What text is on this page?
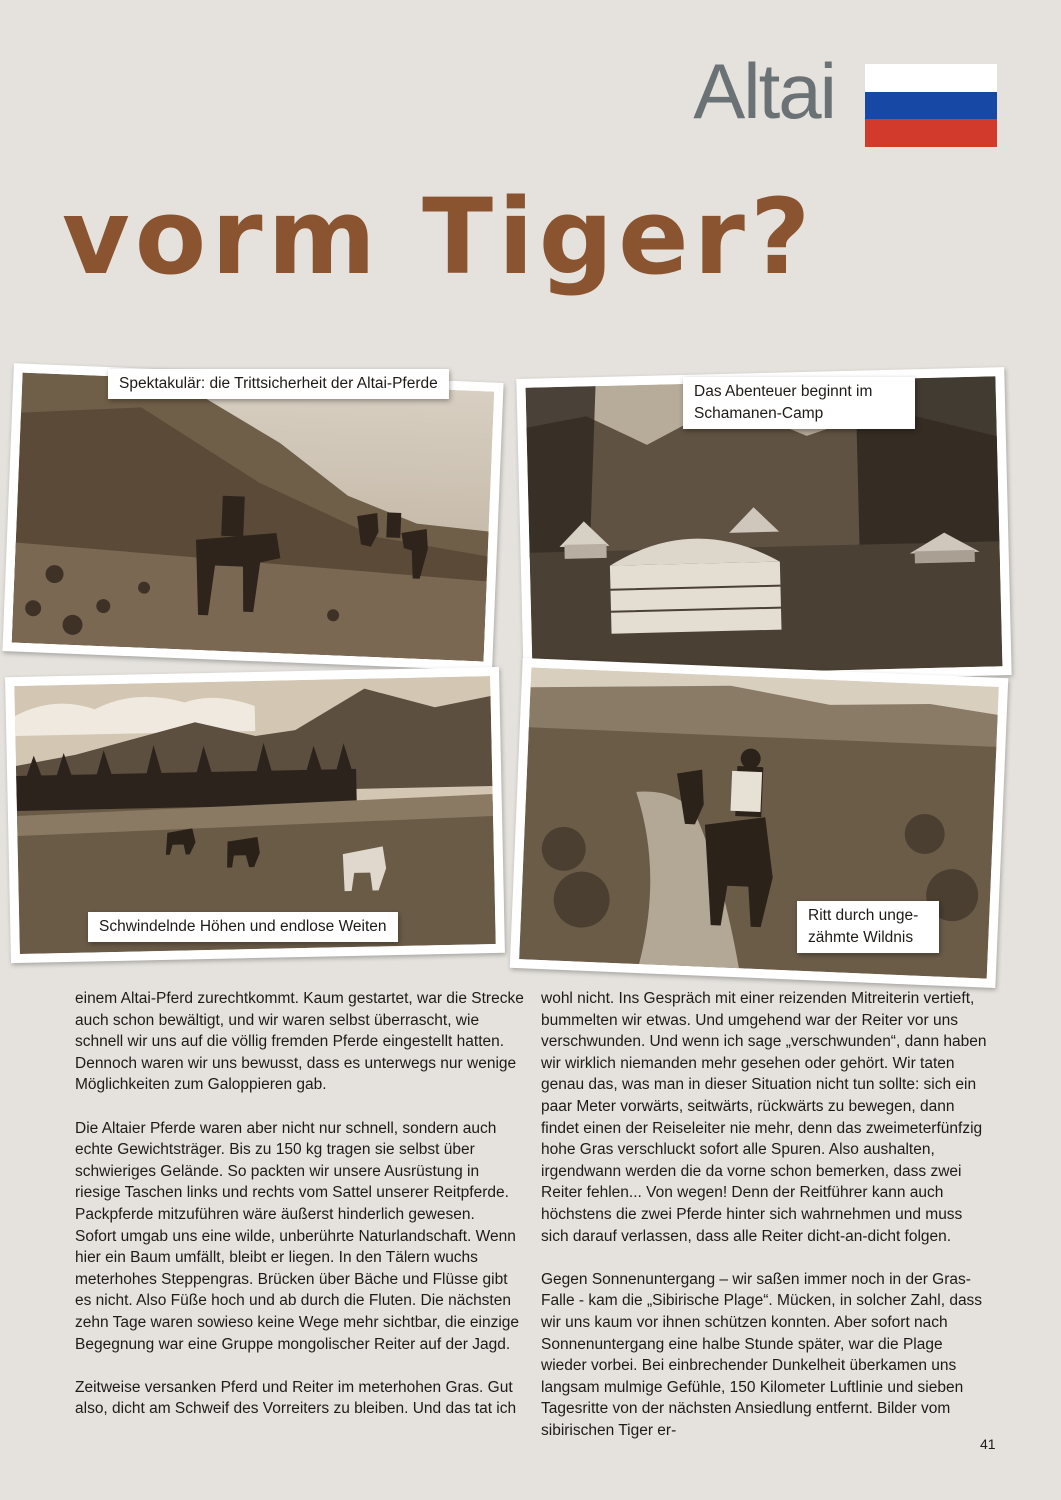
Altai
vorm Tiger?
Spektakulär: die Trittsicherheit der Altai-Pferde	Das Abenteuer beginnt im
Schamanen-Camp
Schwindelnde Höhen und endlose Weiten
Ritt durch unge-
zähmte Wildnis

einem Altai-Pferd zurechtkommt. Kaum gestartet, war die Strecke auch schon bewältigt, und wir waren selbst überrascht, wie schnell wir uns auf die völlig fremden Pferde eingestellt hatten. Dennoch waren wir uns bewusst, dass es unterwegs nur wenige Möglichkeiten zum Galoppieren gab.

Die Altaier Pferde waren aber nicht nur schnell, sondern auch echte Gewichtsträger. Bis zu 150 kg tragen sie selbst über schwieriges Gelände. So packten wir unsere Ausrüstung in riesige Taschen links und rechts vom Sattel unserer Reitpferde. Packpferde mitzuführen wäre äußerst hinderlich gewesen.

Sofort umgab uns eine wilde, unberührte Naturlandschaft. Wenn hier ein Baum umfällt, bleibt er liegen. In den Tälern wuchs meterhohes Steppengras. Brücken über Bäche und Flüsse gibt es nicht. Also Füße hoch und ab durch die Fluten. Die nächsten zehn Tage waren sowieso keine Wege mehr sichtbar, die einzige Begegnung war eine Gruppe mongolischer Reiter auf der Jagd.

Zeitweise versanken Pferd und Reiter im meterhohen Gras. Gut also, dicht am Schweif des Vorreiters zu bleiben. Und das tat ich

wohl nicht. Ins Gespräch mit einer reizenden Mitreiterin vertieft, bummelten wir etwas. Und umgehend war der Reiter vor uns verschwunden. Und wenn ich sage „verschwunden“, dann haben wir wirklich niemanden mehr gesehen oder gehört. Wir taten genau das, was man in dieser Situation nicht tun sollte: sich ein paar Meter vorwärts, seitwärts, rückwärts zu bewegen, dann findet einen der Reiseleiter nie mehr, denn das zweimeterfünfzig hohe Gras verschluckt sofort alle Spuren. Also aushalten, irgendwann werden die da vorne schon bemerken, dass zwei Reiter fehlen... Von wegen! Denn der Reitführer kann auch höchstens die zwei Pferde hinter sich wahrnehmen und muss sich darauf verlassen, dass alle Reiter dicht-an-dicht folgen.

Gegen Sonnenuntergang – wir saßen immer noch in der Gras-Falle - kam die „Sibirische Plage“. Mücken, in solcher Zahl, dass wir uns kaum vor ihnen schützen konnten. Aber sofort nach Sonnenuntergang eine halbe Stunde später, war die Plage wieder vorbei. Bei einbrechender Dunkelheit überkamen uns langsam mulmige Gefühle, 150 Kilometer Luftlinie und sieben Tagesritte von der nächsten Ansiedlung entfernt. Bilder vom sibirischen Tiger er-

41
